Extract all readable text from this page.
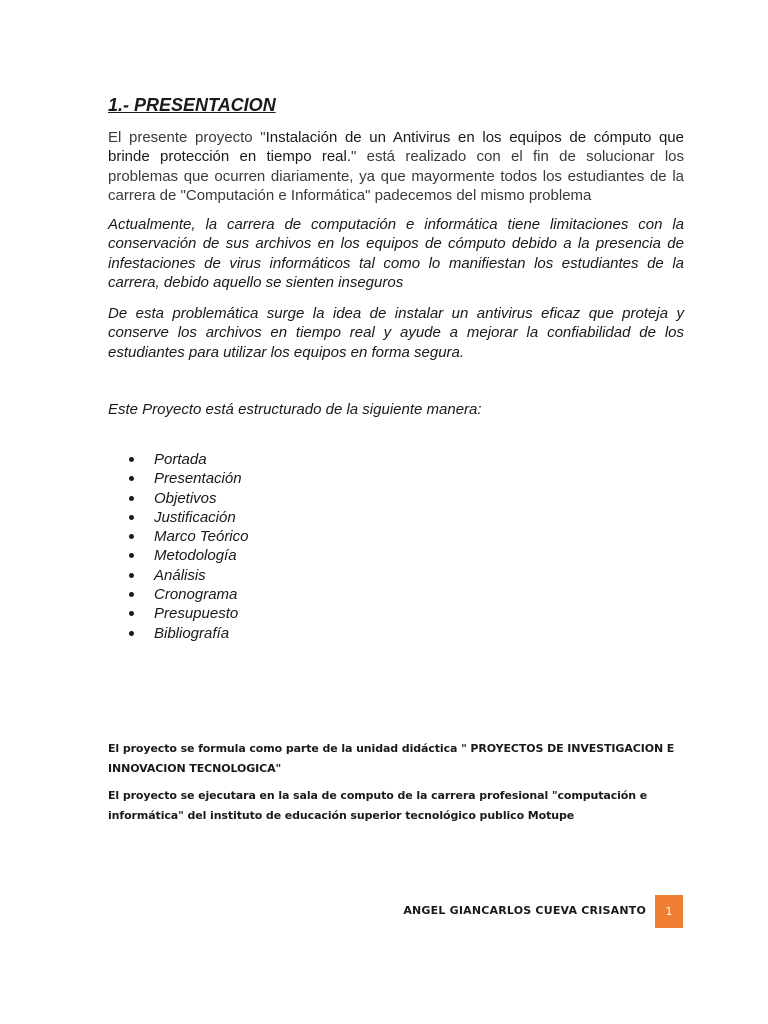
1.- PRESENTACION

El presente proyecto "Instalación de un Antivirus en los equipos de cómputo que brinde protección en tiempo real." está realizado con el fin de solucionar los problemas que ocurren diariamente, ya que mayormente todos los estudiantes de la carrera de "Computación e Informática" padecemos del mismo problema

Actualmente, la carrera de computación e informática tiene limitaciones con la conservación de sus archivos en los equipos de cómputo debido a la presencia de infestaciones de virus informáticos tal como lo manifiestan los estudiantes de la carrera, debido aquello se sienten inseguros

De esta problemática surge la idea de instalar un antivirus eficaz que proteja y conserve los archivos en tiempo real y ayude a mejorar la confiabilidad de los estudiantes para utilizar los equipos en forma segura.

Este Proyecto está estructurado de la siguiente manera:

Portada
Presentación
Objetivos
Justificación
Marco Teórico
Metodología
Análisis
Cronograma
Presupuesto
Bibliografía

El proyecto se formula como parte de la unidad didáctica " PROYECTOS DE INVESTIGACION E INNOVACION TECNOLOGICA"

El proyecto se ejecutara en la sala de computo de la carrera profesional "computación e informática" del instituto de educación superior tecnológico publico Motupe

ANGEL GIANCARLOS CUEVA CRISANTO	1
